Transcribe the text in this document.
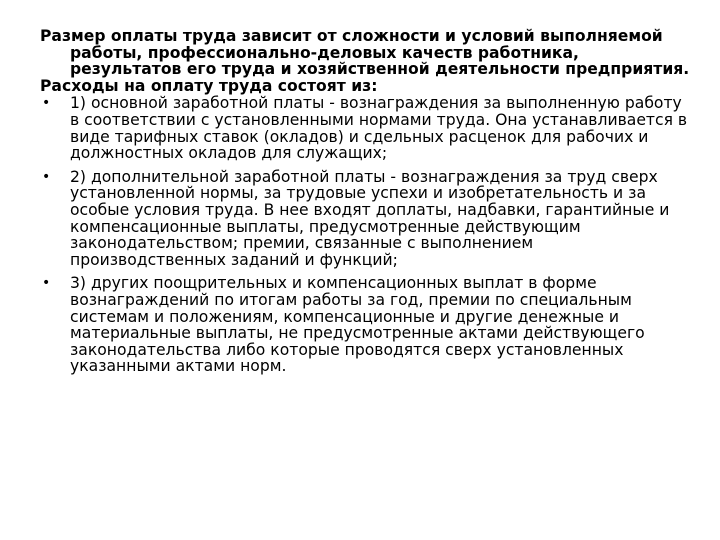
Размер оплаты труда зависит от сложности и условий выполняемой работы, профессионально-деловых качеств работника, результатов его труда и хозяйственной деятельности предприятия.

Расходы на оплату труда состоят из:

• 1) основной заработной платы - вознаграждения за выполненную работу в соответствии с установленными нормами труда. Она устанавливается в виде тарифных ставок (окладов) и сдельных расценок для рабочих и должностных окладов для служащих;
• 2) дополнительной заработной платы - вознаграждения за труд сверх установленной нормы, за трудовые успехи и изобретательность и за особые условия труда. В нее входят доплаты, надбавки, гарантийные и компенсационные выплаты, предусмотренные действующим законодательством; премии, связанные с выполнением производственных заданий и функций;
• 3) других поощрительных и компенсационных выплат в форме вознаграждений по итогам работы за год, премии по специальным системам и положениям, компенсационные и другие денежные и материальные выплаты, не предусмотренные актами действующего законодательства либо которые проводятся сверх установленных указанными актами норм.
